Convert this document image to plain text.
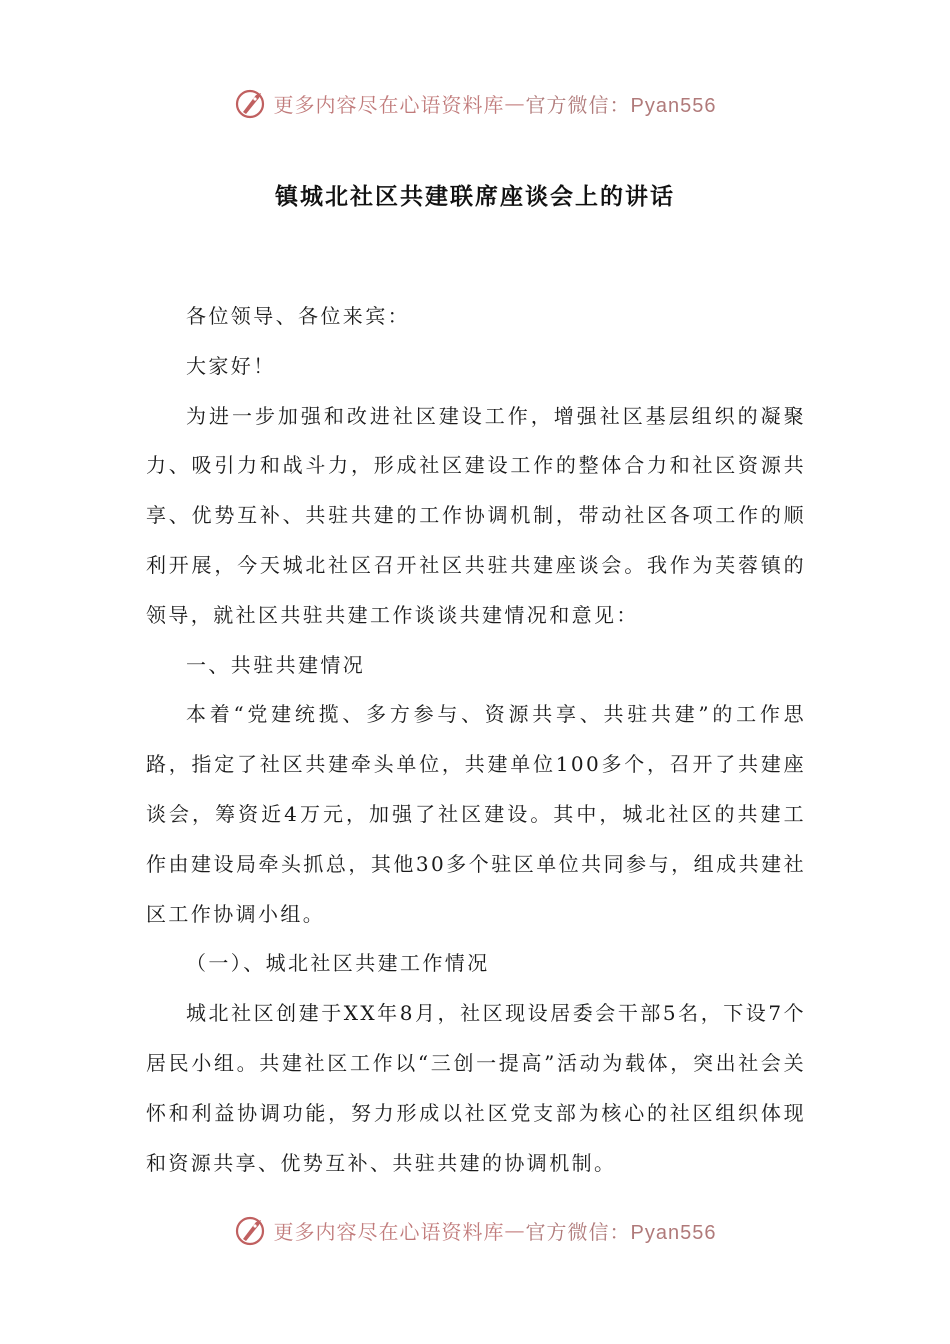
更多内容尽在心语资料库 — 官方微信：Pyan556
镇城北社区共建联席座谈会上的讲话

各位领导、各位来宾：

大家好！

为进一步加强和改进社区建设工作，增强社区基层组织的凝聚力、吸引力和战斗力，形成社区建设工作的整体合力和社区资源共享、优势互补、共驻共建的工作协调机制，带动社区各项工作的顺利开展，今天城北社区召开社区共驻共建座谈会。我作为芙蓉镇的领导，就社区共驻共建工作谈谈共建情况和意见：

一、共驻共建情况

本着“党建统揽、多方参与、资源共享、共驻共建”的工作思路，指定了社区共建牵头单位，共建单位100多个，召开了共建座谈会，筹资近4万元，加强了社区建设。其中，城北社区的共建工作由建设局牵头抓总，其他30多个驻区单位共同参与，组成共建社区工作协调小组。

（一）、城北社区共建工作情况

城北社区创建于XX年8月，社区现设居委会干部5名，下设7个居民小组。共建社区工作以“三创一提高”活动为载体，突出社会关怀和利益协调功能，努力形成以社区党支部为核心的社区组织体现和资源共享、优势互补、共驻共建的协调机制。

更多内容尽在心语资料库 — 官方微信：Pyan556
